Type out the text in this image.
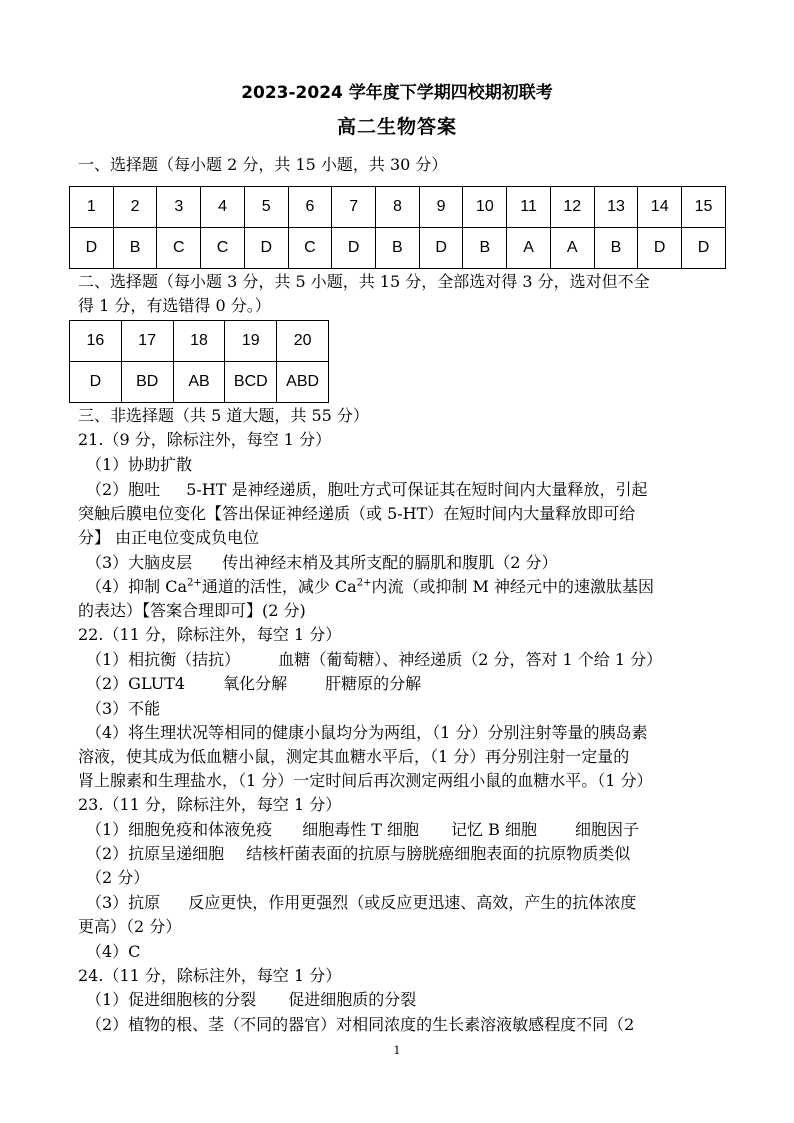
2023-2024 学年度下学期四校期初联考
高二生物答案
一、选择题（每小题 2 分，共 15 小题，共 30 分）
1	2	3	4	5	6	7	8	9	10	11	12	13	14	15
D	B	C	C	D	C	D	B	D	B	A	A	B	D	D
二、选择题（每小题 3 分，共 5 小题，共 15 分，全部选对得 3 分，选对但不全
得 1 分，有选错得 0 分。）
16	17	18	19	20
D	BD	AB	BCD	ABD
三、非选择题（共 5 道大题，共 55 分）
21.（9 分，除标注外，每空 1 分）
（1）协助扩散
（2）胞吐 5-HT 是神经递质，胞吐方式可保证其在短时间内大量释放，引起
突触后膜电位变化【答出保证神经递质（或 5-HT）在短时间内大量释放即可给
分】 由正电位变成负电位
（3）大脑皮层 传出神经末梢及其所支配的膈肌和腹肌（2 分）
（4）抑制 $Ca^{2+}$通道的活性，减少 $Ca^{2+}$内流（或抑制 M 神经元中的速激肽基因
的表达）【答案合理即可】(2 分)
22.（11 分，除标注外，每空 1 分）
（1）相抗衡（拮抗） 血糖（葡萄糖）、神经递质（2 分，答对 1 个给 1 分）
（2）GLUT4 氧化分解 肝糖原的分解
（3）不能
（4）将生理状况等相同的健康小鼠均分为两组，（1 分）分别注射等量的胰岛素
溶液，使其成为低血糖小鼠，测定其血糖水平后，（1 分）再分别注射一定量的
肾上腺素和生理盐水，（1 分）一定时间后再次测定两组小鼠的血糖水平。（1 分）
23.（11 分，除标注外，每空 1 分）
（1）细胞免疫和体液免疫 细胞毒性 T 细胞 记忆 B 细胞 细胞因子
（2）抗原呈递细胞 结核杆菌表面的抗原与膀胱癌细胞表面的抗原物质类似
（2 分）
（3）抗原 反应更快，作用更强烈（或反应更迅速、高效，产生的抗体浓度
更高）（2 分）
（4）C
24.（11 分，除标注外，每空 1 分）
（1）促进细胞核的分裂 促进细胞质的分裂
（2）植物的根、茎（不同的器官）对相同浓度的生长素溶液敏感程度不同（2
1
